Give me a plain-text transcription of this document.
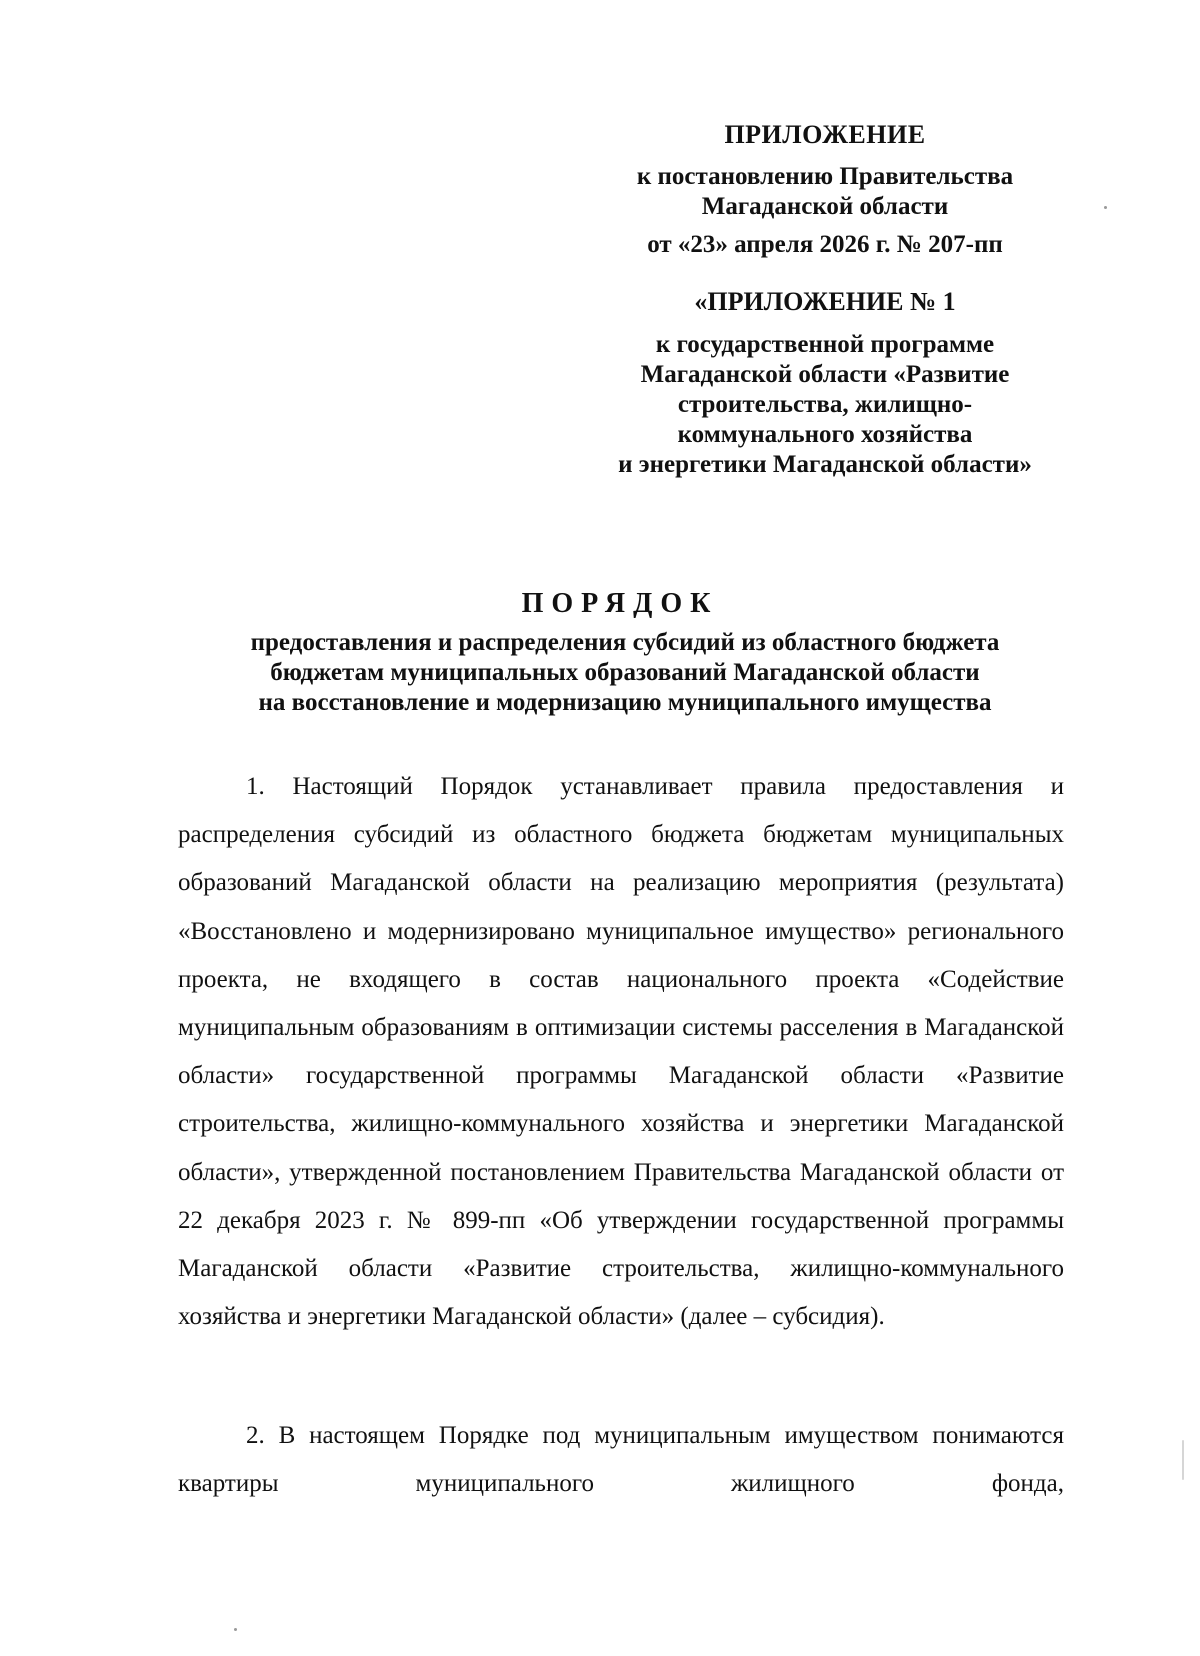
ПРИЛОЖЕНИЕ
к постановлению Правительства
Магаданской области
от «23» апреля 2026 г. № 207-пп
«ПРИЛОЖЕНИЕ № 1
к государственной программе
Магаданской области «Развитие
строительства, жилищно-
коммунального хозяйства
и энергетики Магаданской области»
ПОРЯДОК
предоставления и распределения субсидий из областного бюджета
бюджетам муниципальных образований Магаданской области
на восстановление и модернизацию муниципального имущества

1. Настоящий Порядок устанавливает правила предоставления и распределения субсидий из областного бюджета бюджетам муниципальных образований Магаданской области на реализацию мероприятия (результата) «Восстановлено и модернизировано муниципальное имущество» регионального проекта, не входящего в состав национального проекта «Содействие муниципальным образованиям в оптимизации системы расселения в Магаданской области» государственной программы Магаданской области «Развитие строительства, жилищно-коммунального хозяйства и энергетики Магаданской области», утвержденной постановлением Правительства Магаданской области от 22 декабря 2023 г. № 899-пп «Об утверждении государственной программы Магаданской области «Развитие строительства, жилищно-коммунального хозяйства и энергетики Магаданской области» (далее – субсидия).

2. В настоящем Порядке под муниципальным имуществом понимаются квартиры муниципального жилищного фонда,
